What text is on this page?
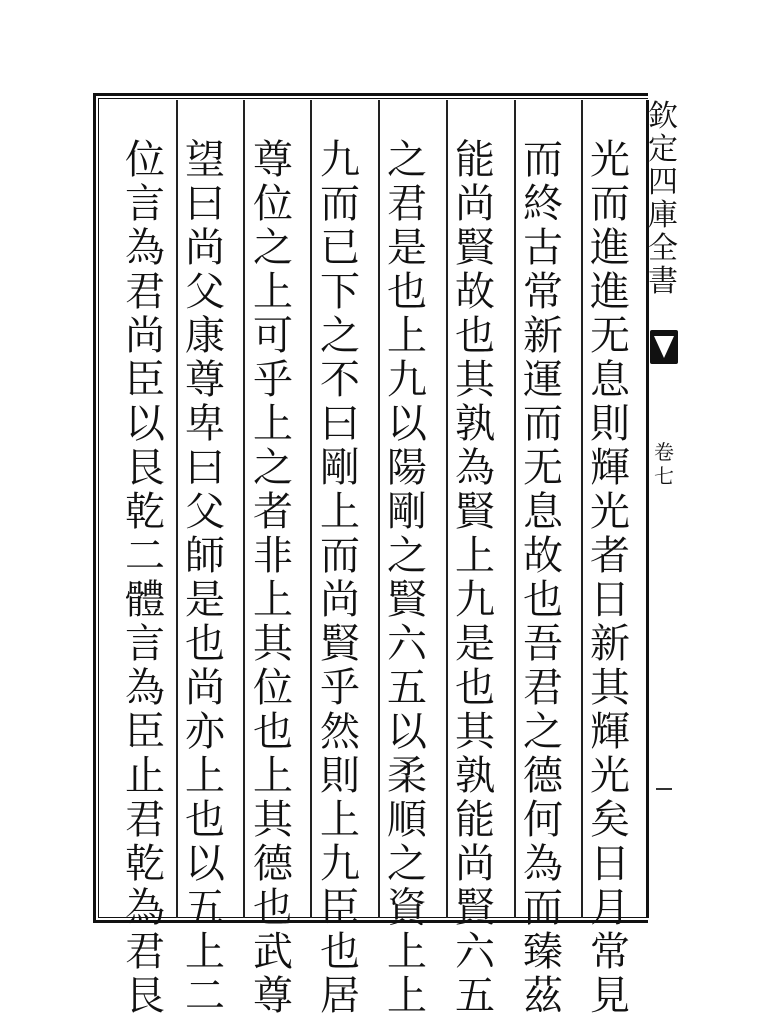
光
而
進
進
无
息
則
輝
光
者
日
新
其
輝
光
矣
日
月
常
見
而
終
古
常
新
運
而
无
息
故
也
吾
君
之
德
何
為
而
臻
茲
能
尚
賢
故
也
其
孰
為
賢
上
九
是
也
其
孰
能
尚
賢
六
五
之
君
是
也
上
九
以
陽
剛
之
賢
六
五
以
柔
順
之
資
上
上
九
而
已
下
之
不
曰
剛
上
而
尚
賢
乎
然
則
上
九
臣
也
居
尊
位
之
上
可
乎
上
之
者
非
上
其
位
也
上
其
德
也
武
尊
望
曰
尚
父
康
尊
卑
曰
父
師
是
也
尚
亦
上
也
以
五
上
二
位
言
為
君
尚
臣
以
艮
乾
二
體
言
為
臣
止
君
乾
為
君
艮
欽
定
四
庫
全
書
卷
七
